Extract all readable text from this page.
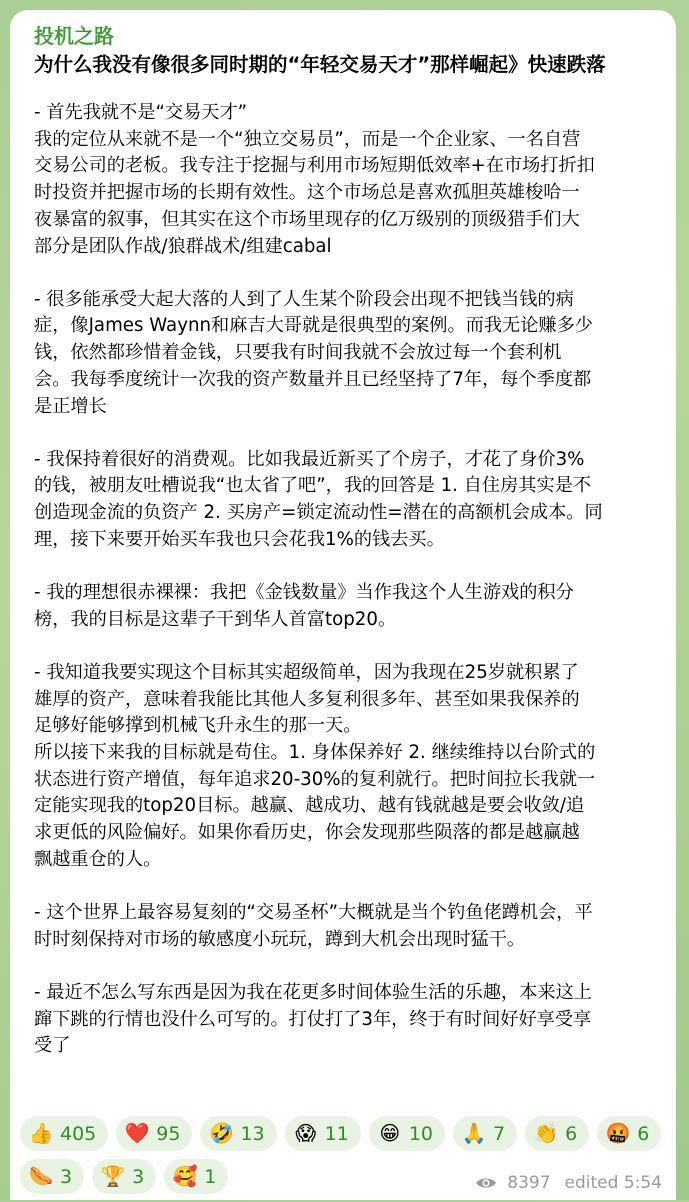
投机之路
为什么我没有像很多同时期的“年轻交易天才”那样崛起》快速跌落
- 首先我就不是“交易天才”
我的定位从来就不是一个“独立交易员”，而是一个企业家、一名自营
交易公司的老板。我专注于挖掘与利用市场短期低效率+在市场打折扣
时投资并把握市场的长期有效性。这个市场总是喜欢孤胆英雄梭哈一
夜暴富的叙事，但其实在这个市场里现存的亿万级别的顶级猎手们大
部分是团队作战/狼群战术/组建cabal
- 很多能承受大起大落的人到了人生某个阶段会出现不把钱当钱的病
症，像James Waynn和麻吉大哥就是很典型的案例。而我无论赚多少
钱，依然都珍惜着金钱，只要我有时间我就不会放过每一个套利机
会。我每季度统计一次我的资产数量并且已经坚持了7年，每个季度都
是正增长
- 我保持着很好的消费观。比如我最近新买了个房子，才花了身价3%
的钱，被朋友吐槽说我“也太省了吧”，我的回答是 1. 自住房其实是不
创造现金流的负资产 2. 买房产=锁定流动性=潜在的高额机会成本。同
理，接下来要开始买车我也只会花我1%的钱去买。
- 我的理想很赤裸裸：我把《金钱数量》当作我这个人生游戏的积分
榜，我的目标是这辈子干到华人首富top20。
- 我知道我要实现这个目标其实超级简单，因为我现在25岁就积累了
雄厚的资产，意味着我能比其他人多复利很多年、甚至如果我保养的
足够好能够撑到机械飞升永生的那一天。
所以接下来我的目标就是苟住。1. 身体保养好 2. 继续维持以台阶式的
状态进行资产增值，每年追求20-30%的复利就行。把时间拉长我就一
定能实现我的top20目标。越赢、越成功、越有钱就越是要会收敛/追
求更低的风险偏好。如果你看历史，你会发现那些陨落的都是越赢越
飘越重仓的人。
- 这个世界上最容易复刻的“交易圣杯”大概就是当个钓鱼佬蹲机会，平
时时刻保持对市场的敏感度小玩玩，蹲到大机会出现时猛干。
- 最近不怎么写东西是因为我在花更多时间体验生活的乐趣，本来这上
蹿下跳的行情也没什么可写的。打仗打了3年，终于有时间好好享受享
受了
👍 405 ❤️ 95 🤣 13 😱 11 😁 10 🙏 7 👏 6 🤬 6
🌭 3 🏆 3 🥰 1	8397 edited 5:54
